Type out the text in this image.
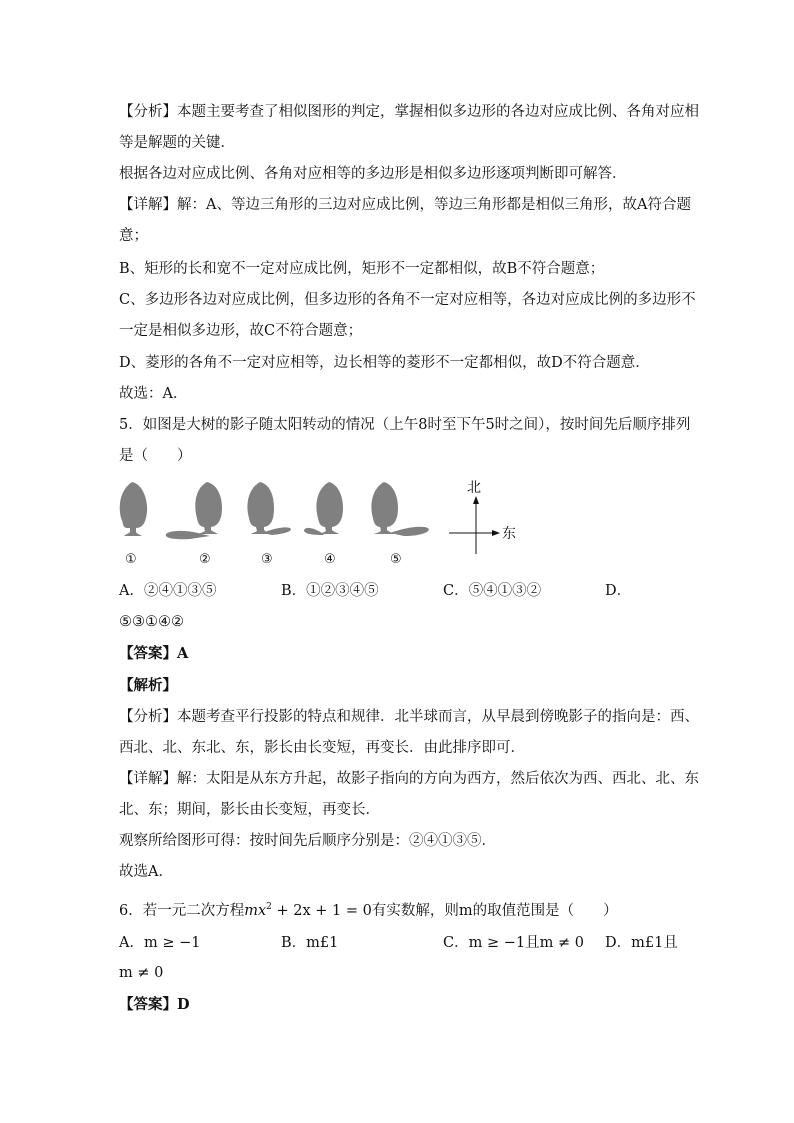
【分析】本题主要考查了相似图形的判定，掌握相似多边形的各边对应成比例、各角对应相
等是解题的关键．
根据各边对应成比例、各角对应相等的多边形是相似多边形逐项判断即可解答．
【详解】解：A、等边三角形的三边对应成比例，等边三角形都是相似三角形，故A符合题
意；
B、矩形的长和宽不一定对应成比例，矩形不一定都相似，故B不符合题意；
C、多边形各边对应成比例，但多边形的各角不一定对应相等，各边对应成比例的多边形不
一定是相似多边形，故C不符合题意；
D、菱形的各角不一定对应相等，边长相等的菱形不一定都相似，故D不符合题意．
故选：A．
5．如图是大树的影子随太阳转动的情况（上午8时至下午5时之间），按时间先后顺序排列
是（　　）
①	②	③	④	⑤
北
东
A．②④①③⑤	B．①②③④⑤	C．⑤④①③②	D．
⑤③①④②
【答案】A
【解析】
【分析】本题考查平行投影的特点和规律．北半球而言，从早晨到傍晚影子的指向是：西、
西北、北、东北、东，影长由长变短，再变长．由此排序即可．
【详解】解：太阳是从东方升起，故影子指向的方向为西方，然后依次为西、西北、北、东
北、东；期间，影长由长变短，再变长．
观察所给图形可得：按时间先后顺序分别是：②④①③⑤．
故选A．
6．若一元二次方程$mx^2 + 2x + 1 = 0$有实数解，则m的取值范围是（　　）
A．m ≥ −1	B．m£1	C．m ≥ −1且m ≠ 0 D．m£1且
m ≠ 0
【答案】D
